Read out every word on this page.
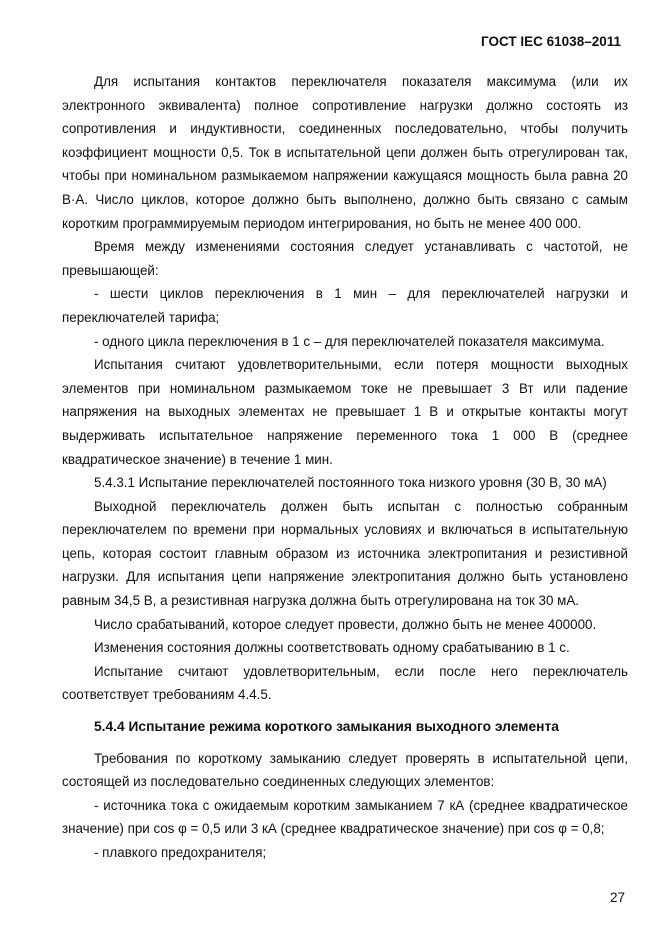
ГОСТ IEC 61038–2011

Для испытания контактов переключателя показателя максимума (или их электронного эквивалента) полное сопротивление нагрузки должно состоять из сопротивления и индуктивности, соединенных последовательно, чтобы получить коэффициент мощности 0,5. Ток в испытательной цепи должен быть отрегулирован так, чтобы при номинальном размыкаемом напряжении кажущаяся мощность была равна 20 В·А. Число циклов, которое должно быть выполнено, должно быть связано с самым коротким программируемым периодом интегрирования, но быть не менее 400 000.

Время между изменениями состояния следует устанавливать с частотой, не превышающей:

- шести циклов переключения в 1 мин – для переключателей нагрузки и переключателей тарифа;

- одного цикла переключения в 1 с – для переключателей показателя максимума.

Испытания считают удовлетворительными, если потеря мощности выходных элементов при номинальном размыкаемом токе не превышает 3 Вт или падение напряжения на выходных элементах не превышает 1 В и открытые контакты могут выдерживать испытательное напряжение переменного тока 1 000 В (среднее квадратическое значение) в течение 1 мин.

5.4.3.1 Испытание переключателей постоянного тока низкого уровня (30 В, 30 мА)

Выходной переключатель должен быть испытан с полностью собранным переключателем по времени при нормальных условиях и включаться в испытательную цепь, которая состоит главным образом из источника электропитания и резистивной нагрузки. Для испытания цепи напряжение электропитания должно быть установлено равным 34,5 В, а резистивная нагрузка должна быть отрегулирована на ток 30 мА.

Число срабатываний, которое следует провести, должно быть не менее 400000.

Изменения состояния должны соответствовать одному срабатыванию в 1 с.

Испытание считают удовлетворительным, если после него переключатель соответствует требованиям 4.4.5.

5.4.4 Испытание режима короткого замыкания выходного элемента

Требования по короткому замыканию следует проверять в испытательной цепи, состоящей из последовательно соединенных следующих элементов:

- источника тока с ожидаемым коротким замыканием 7 кА (среднее квадратическое значение) при cos φ = 0,5 или 3 кА (среднее квадратическое значение) при cos φ = 0,8;

- плавкого предохранителя;

27
